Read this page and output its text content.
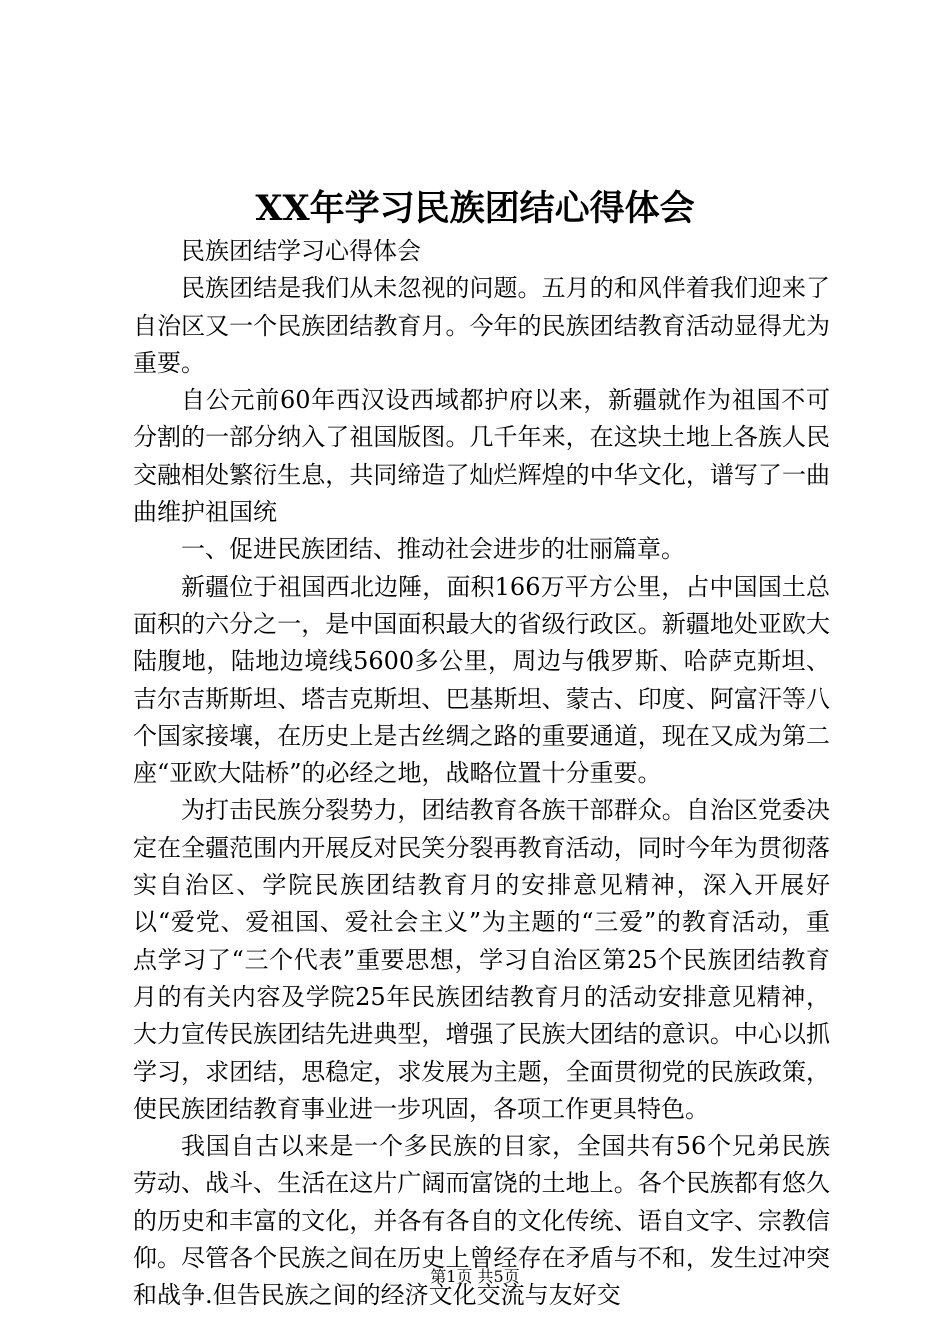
XX年学习民族团结心得体会

民族团结学习心得体会

民族团结是我们从未忽视的问题。五月的和风伴着我们迎来了自治区又一个民族团结教育月。今年的民族团结教育活动显得尤为重要。

自公元前60年西汉设西域都护府以来，新疆就作为祖国不可分割的一部分纳入了祖国版图。几千年来，在这块土地上各族人民交融相处繁衍生息，共同缔造了灿烂辉煌的中华文化，谱写了一曲曲维护祖国统

一、促进民族团结、推动社会进步的壮丽篇章。

新疆位于祖国西北边陲，面积166万平方公里，占中国国土总面积的六分之一，是中国面积最大的省级行政区。新疆地处亚欧大陆腹地，陆地边境线5600多公里，周边与俄罗斯、哈萨克斯坦、吉尔吉斯斯坦、塔吉克斯坦、巴基斯坦、蒙古、印度、阿富汗等八个国家接壤，在历史上是古丝绸之路的重要通道，现在又成为第二座“亚欧大陆桥”的必经之地，战略位置十分重要。

为打击民族分裂势力，团结教育各族干部群众。自治区党委决定在全疆范围内开展反对民笑分裂再教育活动，同时今年为贯彻落实自治区、学院民族团结教育月的安排意见精神，深入开展好以“爱党、爱祖国、爱社会主义”为主题的“三爱”的教育活动，重点学习了“三个代表”重要思想，学习自治区第25个民族团结教育月的有关内容及学院25年民族团结教育月的活动安排意见精神，大力宣传民族团结先进典型，增强了民族大团结的意识。中心以抓学习，求团结，思稳定，求发展为主题，全面贯彻党的民族政策，使民族团结教育事业进一步巩固，各项工作更具特色。

我国自古以来是一个多民族的目家，全国共有56个兄弟民族劳动、战斗、生活在这片广阔而富饶的土地上。各个民族都有悠久的历史和丰富的文化，并各有各自的文化传统、语自文字、宗教信仰。尽管各个民族之间在历史上曾经存在矛盾与不和，发生过冲突和战争.但告民族之间的经济文化交流与友好交

第1页 共5页
